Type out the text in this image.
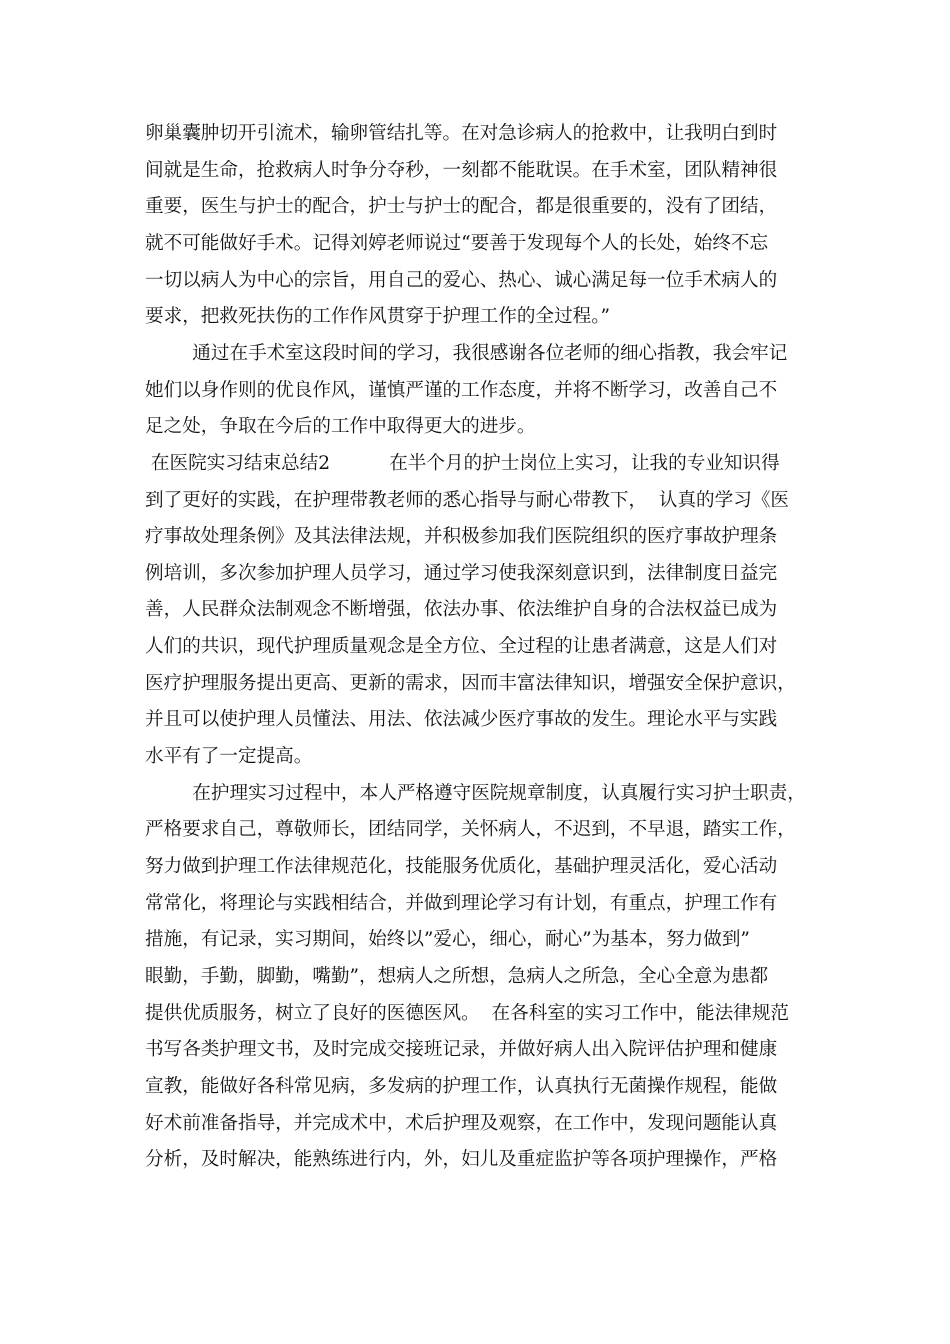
卵巢囊肿切开引流术，输卵管结扎等。在对急诊病人的抢救中，让我明白到时

间就是生命，抢救病人时争分夺秒，一刻都不能耽误。在手术室，团队精神很

重要，医生与护士的配合，护士与护士的配合，都是很重要的，没有了团结，

就不可能做好手术。记得刘婷老师说过“要善于发现每个人的长处，始终不忘

一切以病人为中心的宗旨，用自己的爱心、热心、诚心满足每一位手术病人的

要求，把救死扶伤的工作作风贯穿于护理工作的全过程。”

通过在手术室这段时间的学习，我很感谢各位老师的细心指教，我会牢记

她们以身作则的优良作风，谨慎严谨的工作态度，并将不断学习，改善自己不

足之处，争取在今后的工作中取得更大的进步。

在医院实习结束总结2          在半个月的护士岗位上实习，让我的专业知识得

到了更好的实践，在护理带教老师的悉心指导与耐心带教下，  认真的学习《医

疗事故处理条例》及其法律法规，并积极参加我们医院组织的医疗事故护理条

例培训，多次参加护理人员学习，通过学习使我深刻意识到，法律制度日益完

善，人民群众法制观念不断增强，依法办事、依法维护自身的合法权益已成为

人们的共识，现代护理质量观念是全方位、全过程的让患者满意，这是人们对

医疗护理服务提出更高、更新的需求，因而丰富法律知识，增强安全保护意识，

并且可以使护理人员懂法、用法、依法减少医疗事故的发生。理论水平与实践

水平有了一定提高。

在护理实习过程中，本人严格遵守医院规章制度，认真履行实习护士职责，

严格要求自己，尊敬师长，团结同学，关怀病人，不迟到，不早退，踏实工作，

努力做到护理工作法律规范化，技能服务优质化，基础护理灵活化，爱心活动

常常化，将理论与实践相结合，并做到理论学习有计划，有重点，护理工作有

措施，有记录，实习期间，始终以”爱心，细心，耐心”为基本，努力做到”

眼勤，手勤，脚勤，嘴勤”，想病人之所想，急病人之所急，全心全意为患都

提供优质服务，树立了良好的医德医风。  在各科室的实习工作中，能法律规范

书写各类护理文书，及时完成交接班记录，并做好病人出入院评估护理和健康

宣教，能做好各科常见病，多发病的护理工作，认真执行无菌操作规程，能做

好术前准备指导，并完成术中，术后护理及观察，在工作中，发现问题能认真

分析，及时解决，能熟练进行内，外，妇儿及重症监护等各项护理操作，严格
